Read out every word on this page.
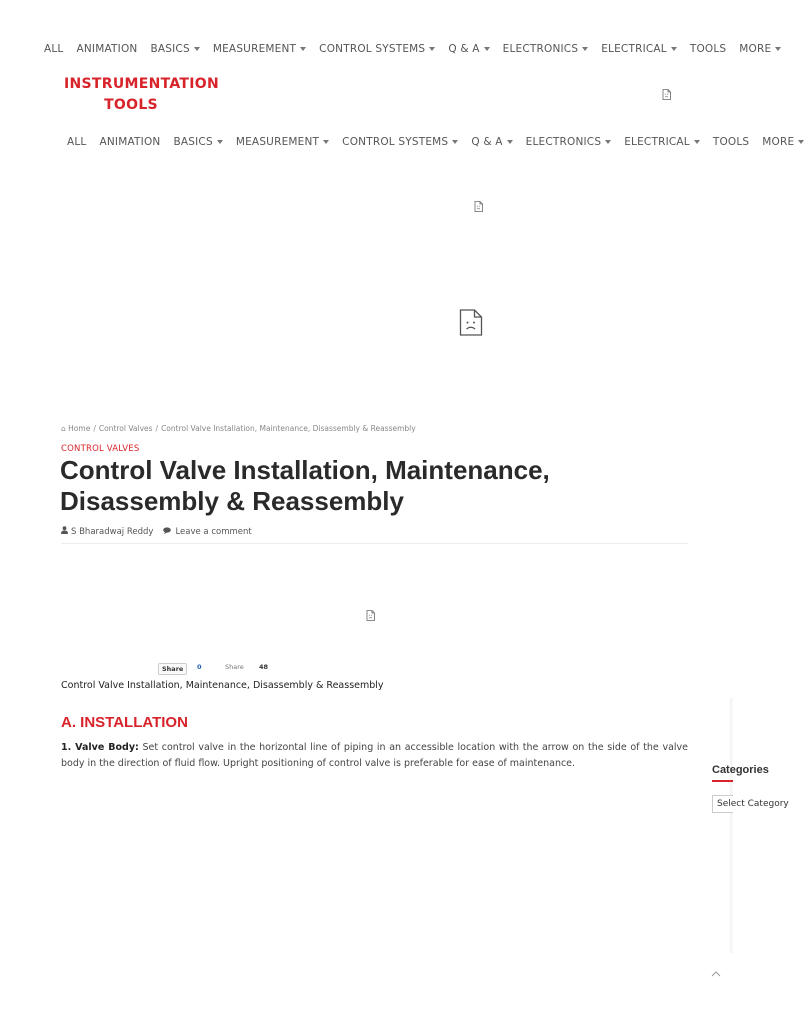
ALL ANIMATION BASICS MEASUREMENT CONTROL SYSTEMS Q & A ELECTRONICS ELECTRICAL TOOLS MORE
INSTRUMENTATION
TOOLS
ALL ANIMATION BASICS MEASUREMENT CONTROL SYSTEMS Q & A ELECTRONICS ELECTRICAL TOOLS MORE
⌂ Home / Control Valves / Control Valve Installation, Maintenance, Disassembly & Reassembly
CONTROL VALVES
Control Valve Installation, Maintenance, Disassembly & Reassembly
S Bharadwaj Reddy	Leave a comment
Share	0	Share 48
Control Valve Installation, Maintenance, Disassembly & Reassembly
A. INSTALLATION

1. Valve Body: Set control valve in the horizontal line of piping in an accessible location with the arrow on the side of the valve body in the direction of fluid flow. Upright positioning of control valve is preferable for ease of maintenance.

Categories
Select Category
